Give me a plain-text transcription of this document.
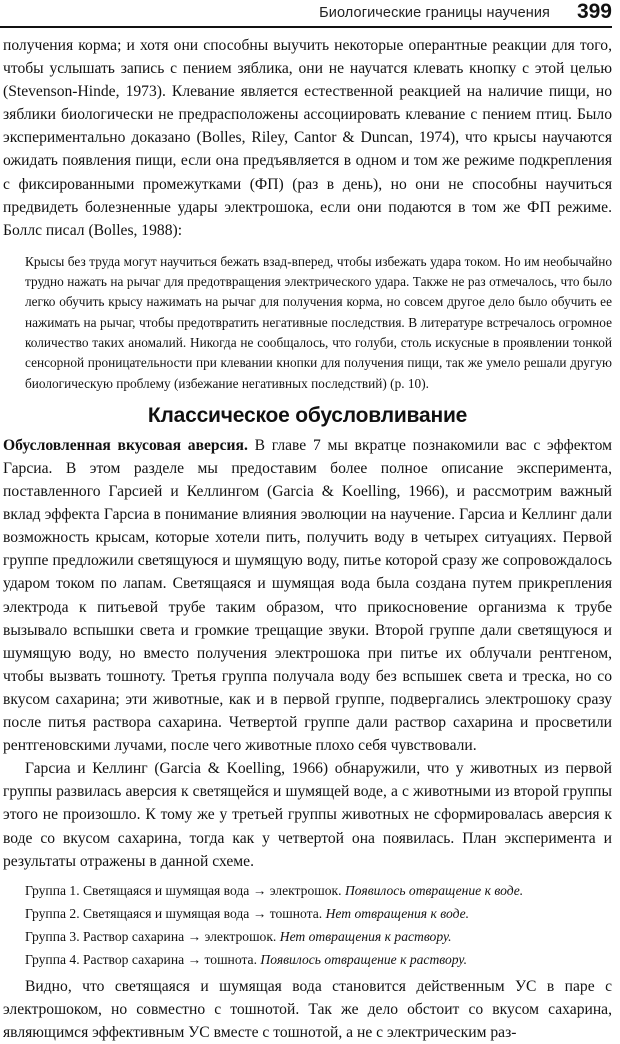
Биологические границы научения 399

получения корма; и хотя они способны выучить некоторые оперантные реакции для того, чтобы услышать запись с пением зяблика, они не научатся клевать кнопку с этой целью (Stevenson-Hinde, 1973). Клевание является естественной реакцией на наличие пищи, но зяблики биологически не предрасположены ассоциировать клевание с пением птиц. Было экспериментально доказано (Bolles, Riley, Cantor & Duncan, 1974), что крысы научаются ожидать появления пищи, если она предъявляется в одном и том же режиме подкрепления с фиксированными промежутками (ФП) (раз в день), но они не способны научиться предвидеть болезненные удары электрошока, если они подаются в том же ФП режиме. Боллс писал (Bolles, 1988):

Крысы без труда могут научиться бежать взад-вперед, чтобы избежать удара током. Но им необычайно трудно нажать на рычаг для предотвращения электрического удара. Также не раз отмечалось, что было легко обучить крысу нажимать на рычаг для получения корма, но совсем другое дело было обучить ее нажимать на рычаг, чтобы предотвратить негативные последствия. В литературе встречалось огромное количество таких аномалий. Никогда не сообщалось, что голуби, столь искусные в проявлении тонкой сенсорной проницательности при клевании кнопки для получения пищи, так же умело решали другую биологическую проблему (избежание негативных последствий) (р. 10).

Классическое обусловливание

Обусловленная вкусовая аверсия. В главе 7 мы вкратце познакомили вас с эффектом Гарсиа. В этом разделе мы предоставим более полное описание эксперимента, поставленного Гарсией и Келлингом (Garcia & Koelling, 1966), и рассмотрим важный вклад эффекта Гарсиа в понимание влияния эволюции на научение. Гарсиа и Келлинг дали возможность крысам, которые хотели пить, получить воду в четырех ситуациях. Первой группе предложили светящуюся и шумящую воду, питье которой сразу же сопровождалось ударом током по лапам. Светящаяся и шумящая вода была создана путем прикрепления электрода к питьевой трубе таким образом, что прикосновение организма к трубе вызывало вспышки света и громкие трещащие звуки. Второй группе дали светящуюся и шумящую воду, но вместо получения электрошока при питье их облучали рентгеном, чтобы вызвать тошноту. Третья группа получала воду без вспышек света и треска, но со вкусом сахарина; эти животные, как и в первой группе, подвергались электрошоку сразу после питья раствора сахарина. Четвертой группе дали раствор сахарина и просветили рентгеновскими лучами, после чего животные плохо себя чувствовали.

Гарсиа и Келлинг (Garcia & Koelling, 1966) обнаружили, что у животных из первой группы развилась аверсия к светящейся и шумящей воде, а с животными из второй группы этого не произошло. К тому же у третьей группы животных не сформировалась аверсия к воде со вкусом сахарина, тогда как у четвертой она появилась. План эксперимента и результаты отражены в данной схеме.

Группа 1. Светящаяся и шумящая вода → электрошок. Появилось отвращение к воде.
Группа 2. Светящаяся и шумящая вода → тошнота. Нет отвращения к воде.
Группа 3. Раствор сахарина → электрошок. Нет отвращения к раствору.
Группа 4. Раствор сахарина → тошнота. Появилось отвращение к раствору.

Видно, что светящаяся и шумящая вода становится действенным УС в паре с электрошоком, но совместно с тошнотой. Так же дело обстоит со вкусом сахарина, являющимся эффективным УС вместе с тошнотой, а не с электрическим раз-
